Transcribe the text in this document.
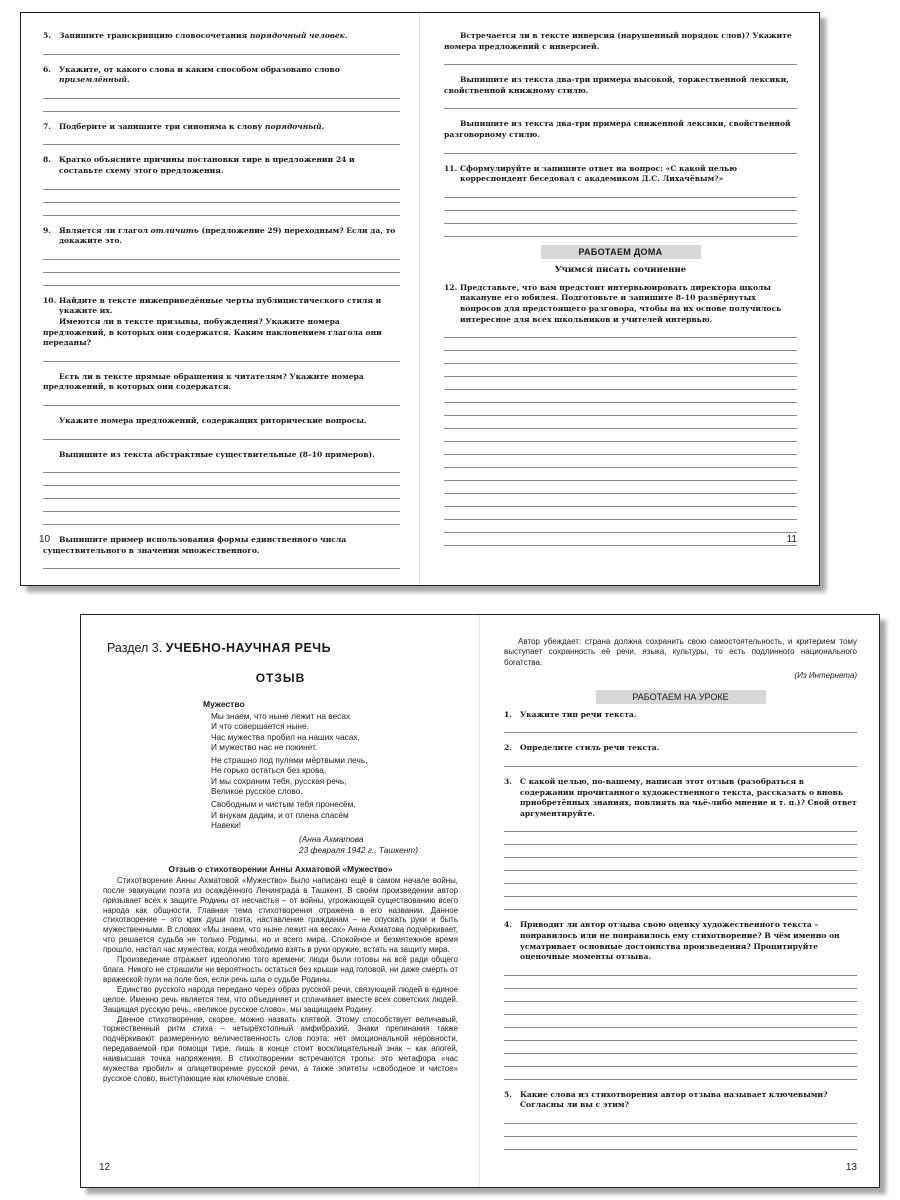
5. Запишите транскрипцию словосочетания порядочный человек.

6. Укажите, от какого слова и каким способом образовано слово приземлённый.

7. Подберите и запишите три синонима к слову порядочный.

8. Кратко объясните причины постановки тире в предложении 24 и составьте схему этого предложения.

9. Является ли глагол отличить (предложение 29) переходным? Если да, то докажите это.

10. Найдите в тексте нижеприведённые черты публицистического стиля и укажите их.

Имеются ли в тексте призывы, побуждения? Укажите номера предложений, в которых они содержатся. Каким наклонением глагола они переданы?

Есть ли в тексте прямые обращения к читателям? Укажите номера предложений, в которых они содержатся.

Укажите номера предложений, содержащих риторические вопросы.

Выпишите из текста абстрактные существительные (8–10 примеров).

Выпишите пример использования формы единственного числа существительного в значении множественного.

10

Встречается ли в тексте инверсия (нарушенный порядок слов)? Укажите номера предложений с инверсией.

Выпишите из текста два-три примера высокой, торжественной лексики, свойственной книжному стилю.

Выпишите из текста два-три примера сниженной лексики, свойственной разговорному стилю.

11. Сформулируйте и запишите ответ на вопрос: «С какой целью корреспондент беседовал с академиком Д.С. Лихачёвым?»

РАБОТАЕМ ДОМА
Учимся писать сочинение

12. Представьте, что вам предстоит интервьюировать директора школы накануне его юбилея. Подготовьте и запишите 8–10 развёрнутых вопросов для предстоящего разговора, чтобы на их основе получилось интересное для всех школьников и учителей интервью.

11
Раздел 3. УЧЕБНО-НАУЧНАЯ РЕЧЬ
ОТЗЫВ
Мужество
Мы знаем, что ныне лежит на весах
И что совершается ныне.
Час мужества пробил на наших часах,
И мужество нас не покинет.
Не страшно под пулями мёртвыми лечь,
Не горько остаться без крова,
И мы сохраним тебя, русская речь,
Великое русское слово.
Свободным и чистым тебя пронесём,
И внукам дадим, и от плена спасём
Навеки!
(Анна Ахматова
23 февраля 1942 г., Ташкент)
Отзыв о стихотворении Анны Ахматовой «Мужество»

Стихотворение Анны Ахматовой «Мужество» было написано ещё в самом начале войны, после эвакуации поэта из осаждённого Ленинграда в Ташкент. В своём произведении автор призывает всех к защите Родины от несчастья – от войны, угрожающей существованию всего народа как общности. Главная тема стихотворения отражена в его названии. Данное стихотворение – это крик души поэта, наставление гражданам – не опускать руки и быть мужественными. В словах «Мы знаем, что ныне лежит на весах» Анна Ахматова подчёркивает, что решается судьба не только Родины, но и всего мира. Спокойное и безмятежное время прошло, настал час мужества, когда необходимо взять в руки оружие, встать на защиту мира.

Произведение отражает идеологию того времени: люди были готовы на всё ради общего блага. Никого не страшили ни вероятность остаться без крыши над головой, ни даже смерть от вражеской пули на поле боя, если речь шла о судьбе Родины.

Единство русского народа передано через образ русской речи, связующей людей в единое целое. Именно речь является тем, что объединяет и сплачивает вместе всех советских людей. Защищая русскую речь, «великое русское слово», мы защищаем Родину.

Данное стихотворение, скорее, можно назвать клятвой. Этому способствует величавый, торжественный ритм стиха – четырёхстопный амфибрахий. Знаки препинания также подчёркивают размеренную величественность слов поэта: нет эмоциональной неровности, передаваемой при помощи тире, лишь в конце стоит восклицательный знак – как апогей, наивысшая точка напряжения. В стихотворении встречаются тропы: это метафора «час мужества пробил» и олицетворение русской речи, а также эпитеты «свободное и чистое» русское слово, выступающие как ключевые слова.

12

Автор убеждает: страна должна сохранить свою самостоятельность, и критерием тому выступает сохранность её речи, языка, культуры, то есть подлинного национального богатства.

(Из Интернета)
РАБОТАЕМ НА УРОКЕ

1. Укажите тип речи текста.

2. Определите стиль речи текста.

3. С какой целью, по-вашему, написан этот отзыв (разобраться в содержании прочитанного художественного текста, рассказать о вновь приобретённых знаниях, повлиять на чьё-либо мнение и т. п.)? Свой ответ аргументируйте.

4. Приводит ли автор отзыва свою оценку художественного текста – понравилось или не понравилось ему стихотворение? В чём именно он усматривает основные достоинства произведения? Процитируйте оценочные моменты отзыва.

5. Какие слова из стихотворения автор отзыва называет ключевыми? Согласны ли вы с этим?

13
